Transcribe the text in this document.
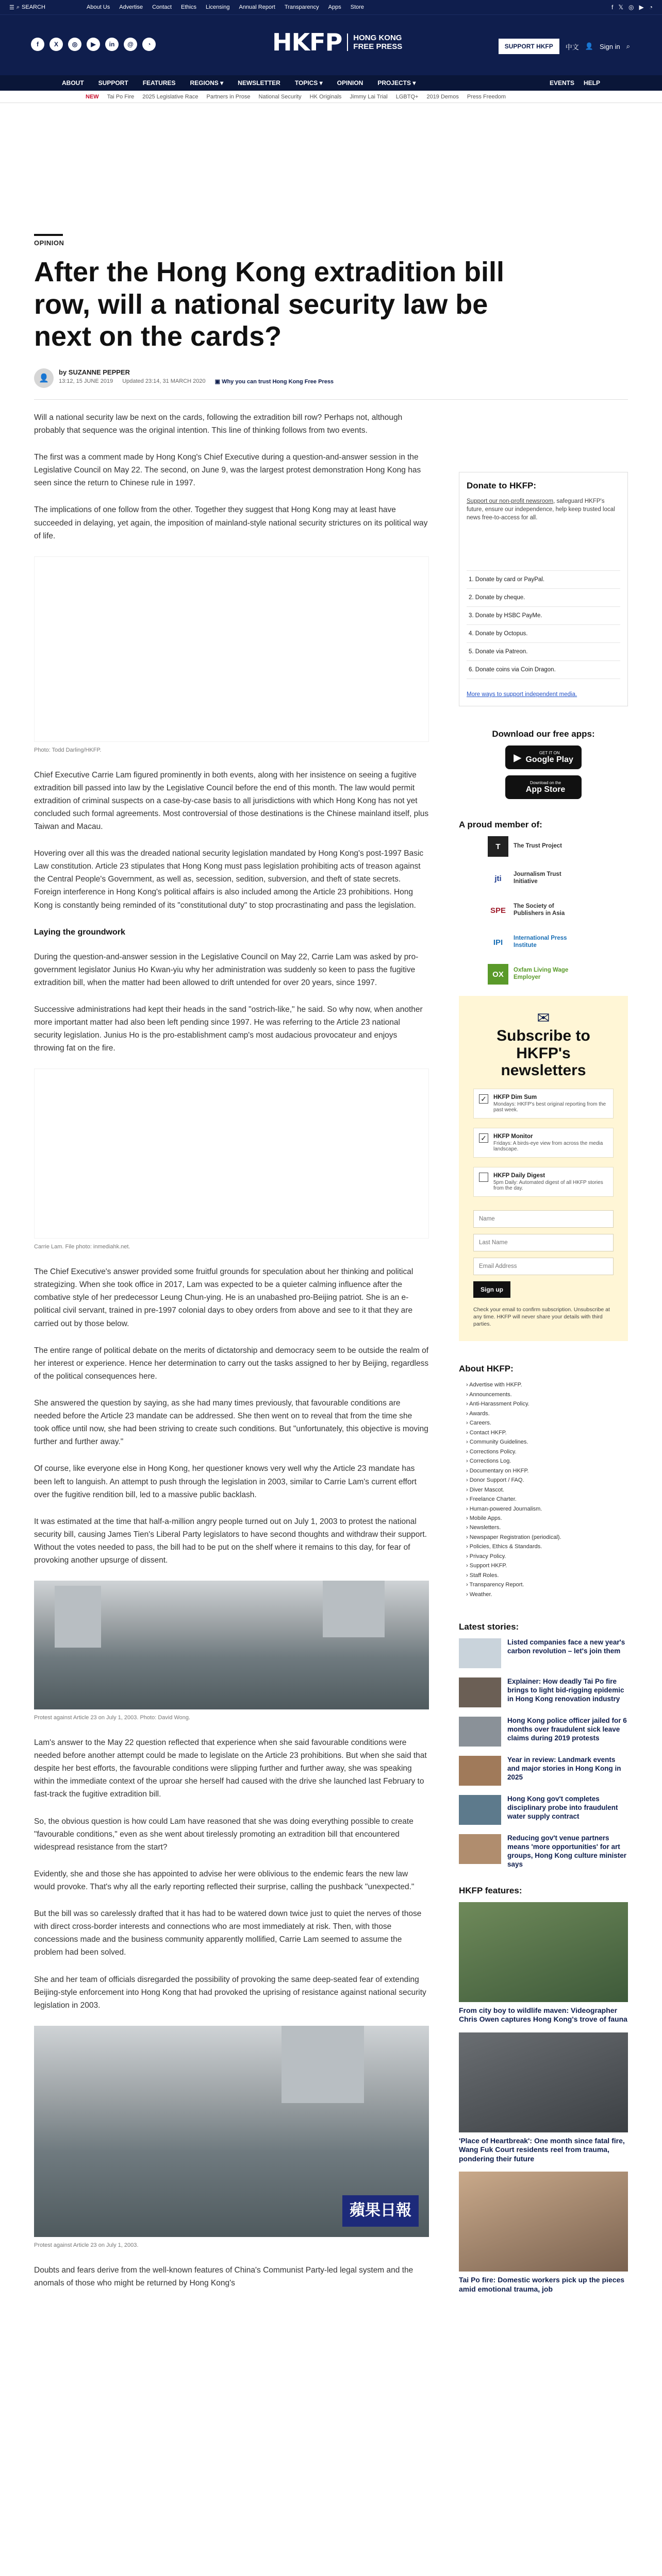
☰ ⌕ SEARCH	About Us Advertise Contact Ethics Licensing Annual Report Transparency Apps Store	f 𝕏 ◎ ▶ ◔
f	X	◎	▶	in	@	◔	HKFP	HONG KONG
FREE PRESS	SUPPORT HKFP	中文 👤 Sign in ⌕
ABOUT SUPPORT FEATURES REGIONS ▾ NEWSLETTER TOPICS ▾ OPINION PROJECTS ▾	EVENTS HELP
NEW Tai Po Fire 2025 Legislative Race Partners in Prose National Security HK Originals Jimmy Lai Trial LGBTQ+ 2019 Demos Press Freedom
OPINION
After the Hong Kong extradition bill row, will a national security law be next on the cards?
👤
by SUZANNE PEPPER
13:12, 15 JUNE 2019 Updated 23:14, 31 MARCH 2020 ▣ Why you can trust Hong Kong Free Press

Will a national security law be next on the cards, following the extradition bill row? Perhaps not, although probably that sequence was the original intention. This line of thinking follows from two events.

The first was a comment made by Hong Kong's Chief Executive during a question-and-answer session in the Legislative Council on May 22. The second, on June 9, was the largest protest demonstration Hong Kong has seen since the return to Chinese rule in 1997.

The implications of one follow from the other. Together they suggest that Hong Kong may at least have succeeded in delaying, yet again, the imposition of mainland-style national security strictures on its political way of life.

Photo: Todd Darling/HKFP.

Chief Executive Carrie Lam figured prominently in both events, along with her insistence on seeing a fugitive extradition bill passed into law by the Legislative Council before the end of this month. The law would permit extradition of criminal suspects on a case-by-case basis to all jurisdictions with which Hong Kong has not yet concluded such formal agreements. Most controversial of those destinations is the Chinese mainland itself, plus Taiwan and Macau.

Hovering over all this was the dreaded national security legislation mandated by Hong Kong's post-1997 Basic Law constitution. Article 23 stipulates that Hong Kong must pass legislation prohibiting acts of treason against the Central People's Government, as well as, secession, sedition, subversion, and theft of state secrets. Foreign interference in Hong Kong's political affairs is also included among the Article 23 prohibitions. Hong Kong is constantly being reminded of its "constitutional duty" to stop procrastinating and pass the legislation.

Laying the groundwork

During the question-and-answer session in the Legislative Council on May 22, Carrie Lam was asked by pro-government legislator Junius Ho Kwan-yiu why her administration was suddenly so keen to pass the fugitive extradition bill, when the matter had been allowed to drift untended for over 20 years, since 1997.

Successive administrations had kept their heads in the sand "ostrich-like," he said. So why now, when another more important matter had also been left pending since 1997. He was referring to the Article 23 national security legislation. Junius Ho is the pro-establishment camp's most audacious provocateur and enjoys throwing fat on the fire.

Carrie Lam. File photo: inmediahk.net.

The Chief Executive's answer provided some fruitful grounds for speculation about her thinking and political strategizing. When she took office in 2017, Lam was expected to be a quieter calming influence after the combative style of her predecessor Leung Chun-ying. He is an unabashed pro-Beijing patriot. She is an e-political civil servant, trained in pre-1997 colonial days to obey orders from above and see to it that they are carried out by those below.

The entire range of political debate on the merits of dictatorship and democracy seem to be outside the realm of her interest or experience. Hence her determination to carry out the tasks assigned to her by Beijing, regardless of the political consequences here.

She answered the question by saying, as she had many times previously, that favourable conditions are needed before the Article 23 mandate can be addressed. She then went on to reveal that from the time she took office until now, she had been striving to create such conditions. But "unfortunately, this objective is moving further and further away."

Of course, like everyone else in Hong Kong, her questioner knows very well why the Article 23 mandate has been left to languish. An attempt to push through the legislation in 2003, similar to Carrie Lam's current effort over the fugitive rendition bill, led to a massive public backlash.

It was estimated at the time that half-a-million angry people turned out on July 1, 2003 to protest the national security bill, causing James Tien's Liberal Party legislators to have second thoughts and withdraw their support. Without the votes needed to pass, the bill had to be put on the shelf where it remains to this day, for fear of provoking another upsurge of dissent.

Protest against Article 23 on July 1, 2003. Photo: David Wong.

Lam's answer to the May 22 question reflected that experience when she said favourable conditions were needed before another attempt could be made to legislate on the Article 23 prohibitions. But when she said that despite her best efforts, the favourable conditions were slipping further and further away, she was speaking within the immediate context of the uproar she herself had caused with the drive she launched last February to fast-track the fugitive extradition bill.

So, the obvious question is how could Lam have reasoned that she was doing everything possible to create "favourable conditions," even as she went about tirelessly promoting an extradition bill that encountered widespread resistance from the start?

Evidently, she and those she has appointed to advise her were oblivious to the endemic fears the new law would provoke. That's why all the early reporting reflected their surprise, calling the pushback "unexpected."

But the bill was so carelessly drafted that it has had to be watered down twice just to quiet the nerves of those with direct cross-border interests and connections who are most immediately at risk. Then, with those concessions made and the business community apparently mollified, Carrie Lam seemed to assume the problem had been solved.

She and her team of officials disregarded the possibility of provoking the same deep-seated fear of extending Beijing-style enforcement into Hong Kong that had provoked the uprising of resistance against national security legislation in 2003.

蘋果日報
Protest against Article 23 on July 1, 2003.

Doubts and fears derive from the well-known features of China's Communist Party-led legal system and the anomals of those who might be returned by Hong Kong's

Donate to HKFP:

Support our non-profit newsroom, safeguard HKFP's future, ensure our independence, help keep trusted local news free-to-access for all.

1. Donate by card or PayPal.
2. Donate by cheque.
3. Donate by HSBC PayMe.
4. Donate by Octopus.
5. Donate via Patreon.
6. Donate coins via Coin Dragon.
More ways to support independent media.
Download our free apps:
▶	GET IT ON
Google Play
Download on the
App Store
A proud member of:
T	The Trust Project
jti	Journalism Trust Initiative
SPE	The Society of Publishers in Asia
IPI	International Press Institute
OX	Oxfam Living Wage Employer
✉
Subscribe to HKFP's newsletters
✓ HKFP Dim Sum
Mondays: HKFP's best original reporting from the past week.
✓ HKFP Monitor
Fridays: A birds-eye view from across the media landscape.
HKFP Daily Digest
5pm Daily: Automated digest of all HKFP stories from the day.
Name Last Name Email Address Sign up
Check your email to confirm subscription. Unsubscribe at any time. HKFP will never share your details with third parties.
About HKFP:
› Advertise with HKFP.
› Announcements.
› Anti-Harassment Policy.
› Awards.
› Careers.
› Contact HKFP.
› Community Guidelines.
› Corrections Policy.
› Corrections Log.
› Documentary on HKFP.
› Donor Support / FAQ.
› Diver Mascot.
› Freelance Charter.
› Human-powered Journalism.
› Mobile Apps.
› Newsletters.
› Newspaper Registration (periodical).
› Policies, Ethics & Standards.
› Privacy Policy.
› Support HKFP.
› Staff Roles.
› Transparency Report.
› Weather.
Latest stories:
Listed companies face a new year's carbon revolution – let's join them
Explainer: How deadly Tai Po fire brings to light bid-rigging epidemic in Hong Kong renovation industry
Hong Kong police officer jailed for 6 months over fraudulent sick leave claims during 2019 protests
Year in review: Landmark events and major stories in Hong Kong in 2025
Hong Kong gov't completes disciplinary probe into fraudulent water supply contract
Reducing gov't venue partners means 'more opportunities' for art groups, Hong Kong culture minister says
HKFP features:
From city boy to wildlife maven: Videographer Chris Owen captures Hong Kong's trove of fauna
'Place of Heartbreak': One month since fatal fire, Wang Fuk Court residents reel from trauma, pondering their future
Tai Po fire: Domestic workers pick up the pieces amid emotional trauma, job
